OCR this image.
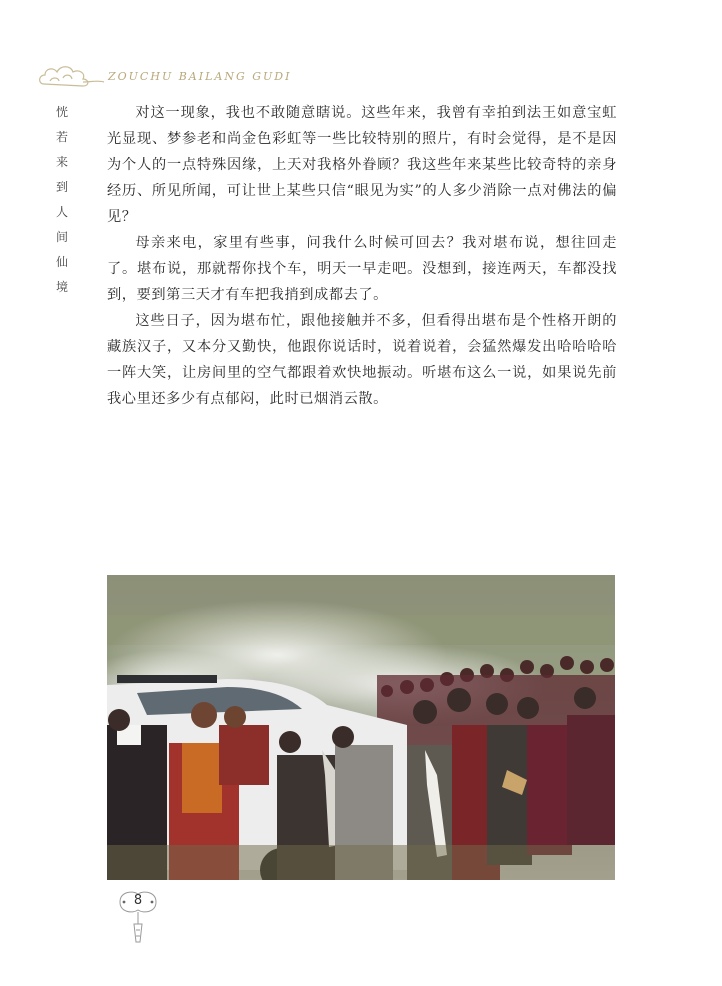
ZOUCHU BAILANG GUDI
恍
若
来
到
人
间
仙
境

对这一现象，我也不敢随意瞎说。这些年来，我曾有幸拍到法王如意宝虹光显现、梦参老和尚金色彩虹等一些比较特别的照片，有时会觉得，是不是因为个人的一点特殊因缘，上天对我格外眷顾？我这些年来某些比较奇特的亲身经历、所见所闻，可让世上某些只信“眼见为实”的人多少消除一点对佛法的偏见？

母亲来电，家里有些事，问我什么时候可回去？我对堪布说，想往回走了。堪布说，那就帮你找个车，明天一早走吧。没想到，接连两天，车都没找到，要到第三天才有车把我捎到成都去了。

这些日子，因为堪布忙，跟他接触并不多，但看得出堪布是个性格开朗的藏族汉子，又本分又勤快，他跟你说话时，说着说着，会猛然爆发出哈哈哈哈一阵大笑，让房间里的空气都跟着欢快地振动。听堪布这么一说，如果说先前我心里还多少有点郁闷，此时已烟消云散。

8
